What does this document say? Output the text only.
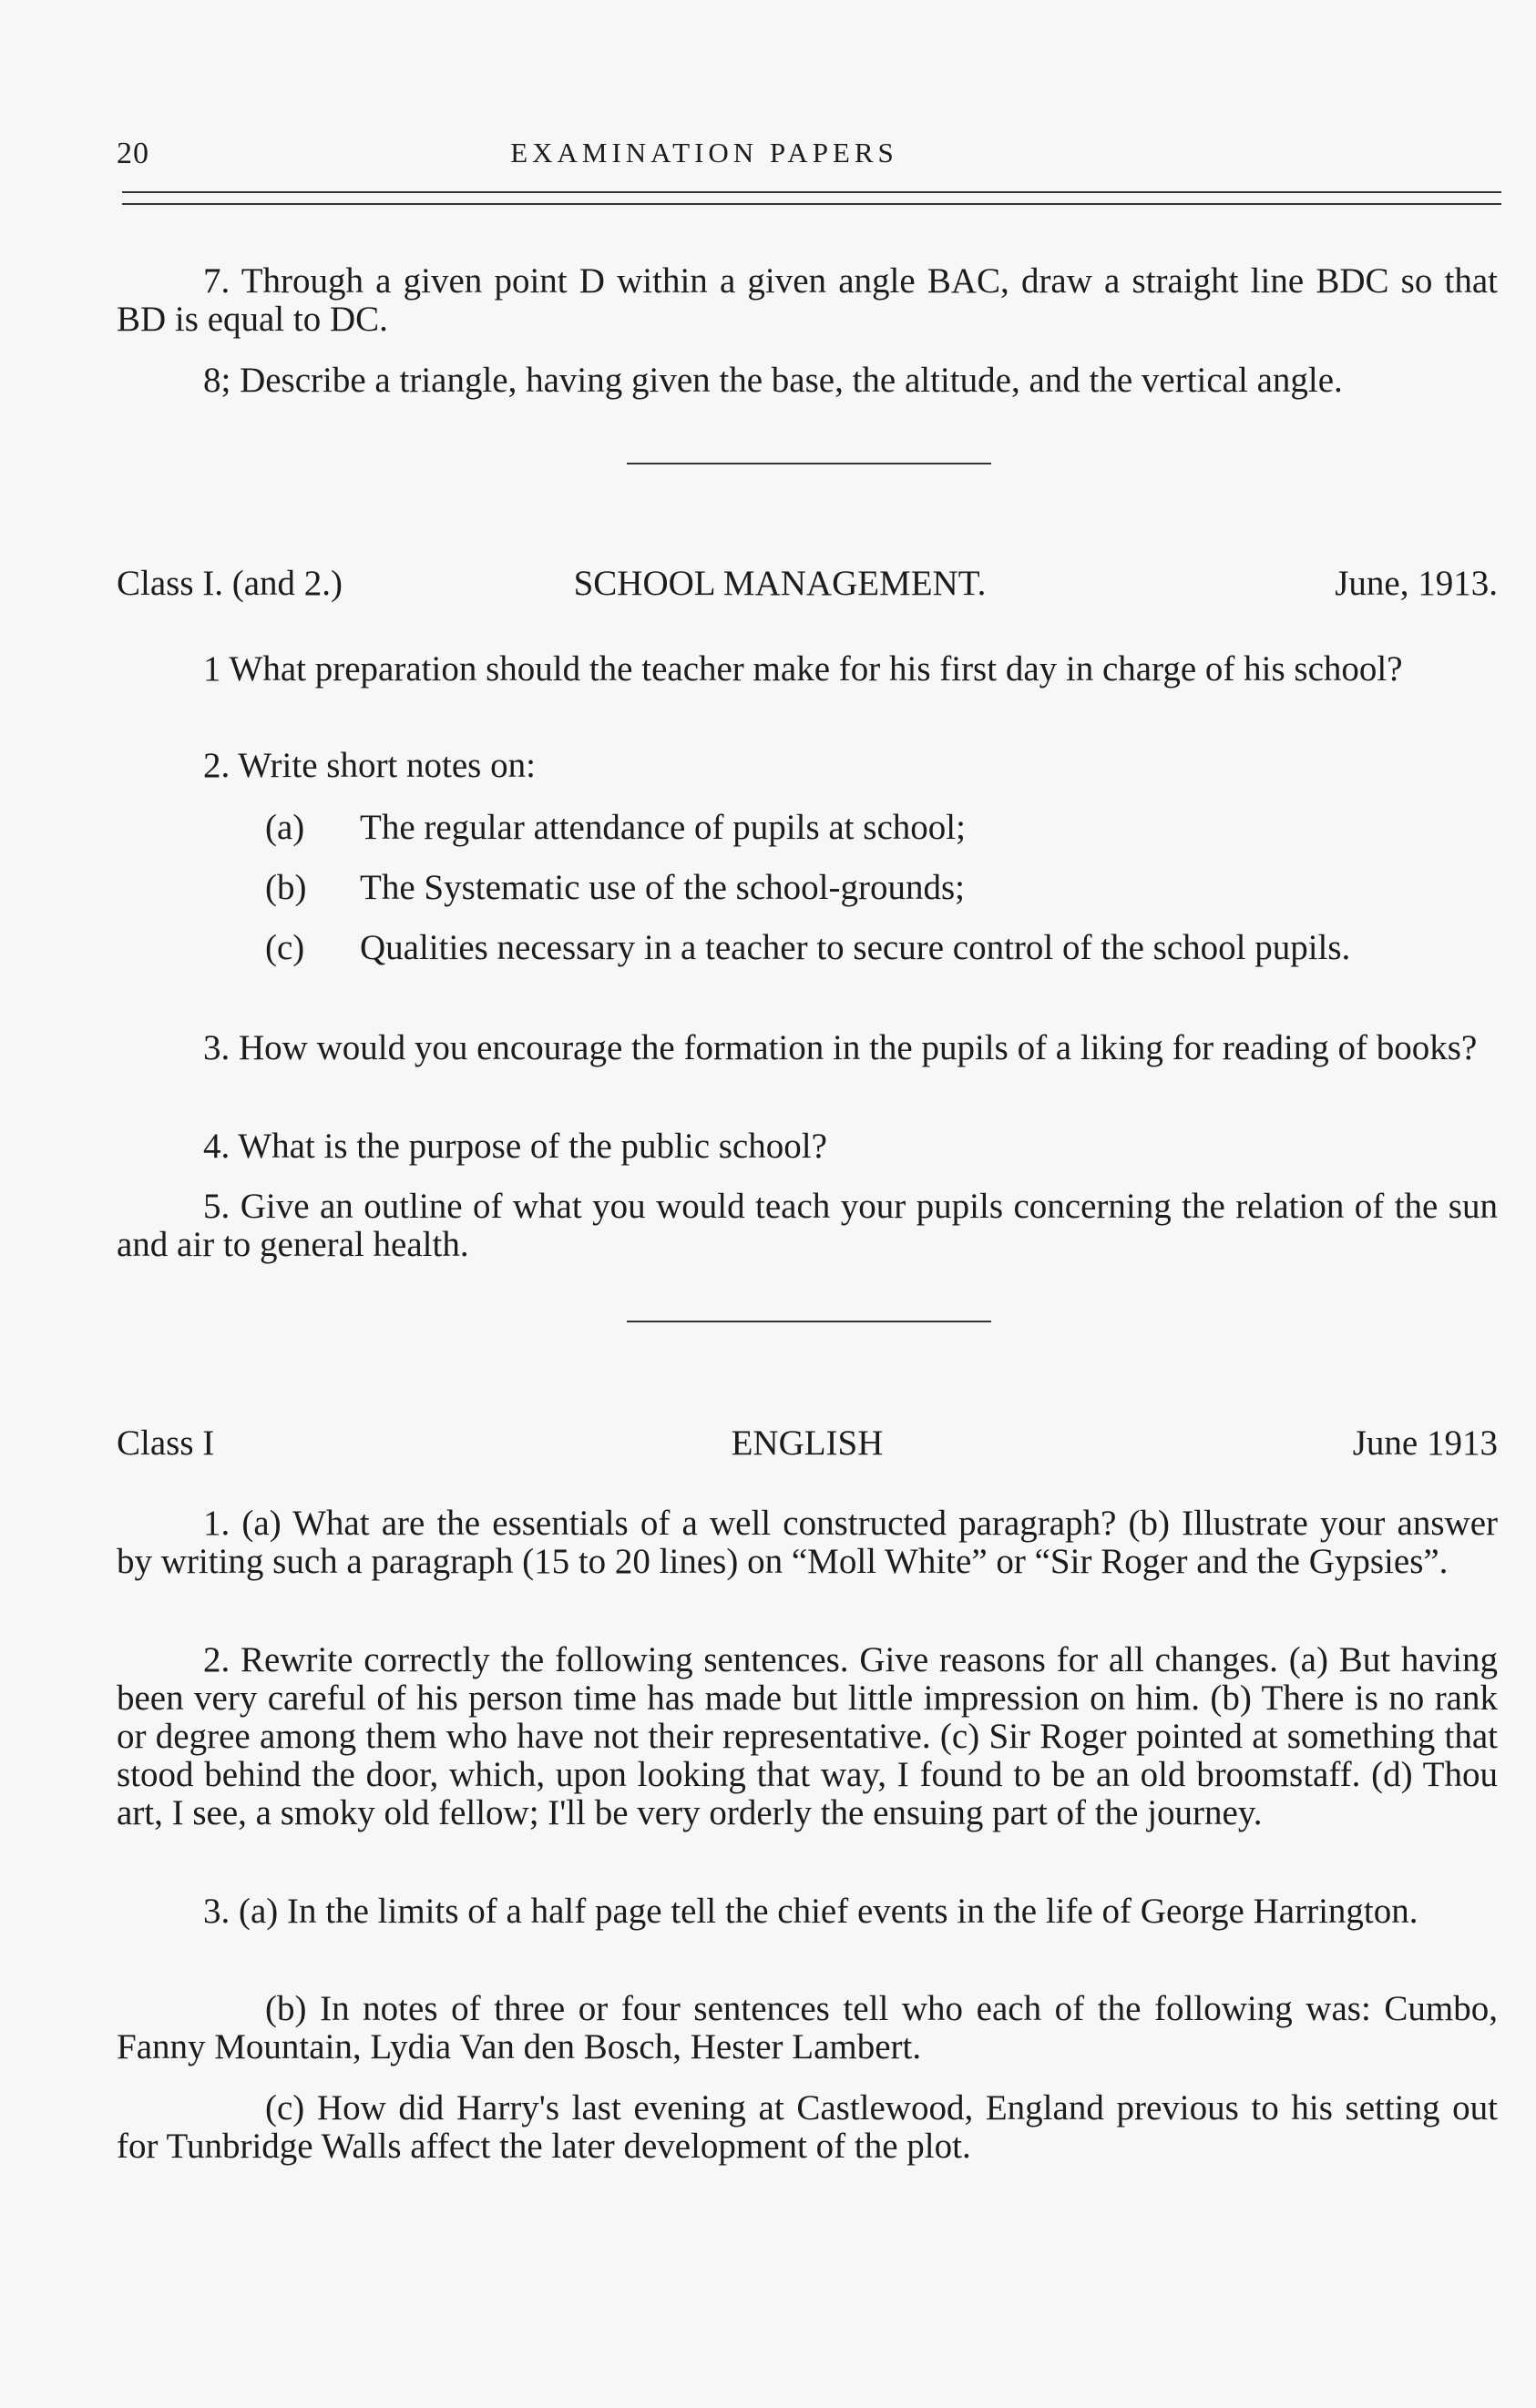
20	EXAMINATION PAPERS
7. Through a given point D within a given angle BAC, draw a straight line BDC so that BD is equal to DC.
8; Describe a triangle, having given the base, the altitude, and the vertical angle.
Class I. (and 2.)	SCHOOL MANAGEMENT.	June, 1913.
1 What preparation should the teacher make for his first day in charge of his school?
2. Write short notes on:
(a) The regular attendance of pupils at school;
(b) The Systematic use of the school-grounds;
(c) Qualities necessary in a teacher to secure control of the school pupils.
3. How would you encourage the formation in the pupils of a liking for reading of books?
4. What is the purpose of the public school?
5. Give an outline of what you would teach your pupils concerning the relation of the sun and air to general health.
Class I	ENGLISH	June 1913
1. (a) What are the essentials of a well constructed paragraph? (b) Illustrate your answer by writing such a paragraph (15 to 20 lines) on “Moll White” or “Sir Roger and the Gypsies”.
2. Rewrite correctly the following sentences. Give reasons for all changes. (a) But having been very careful of his person time has made but little impression on him. (b) There is no rank or degree among them who have not their representative. (c) Sir Roger pointed at something that stood behind the door, which, upon looking that way, I found to be an old broomstaff. (d) Thou art, I see, a smoky old fellow; I'll be very orderly the ensuing part of the journey.
3. (a) In the limits of a half page tell the chief events in the life of George Harrington.
(b) In notes of three or four sentences tell who each of the following was: Cumbo, Fanny Mountain, Lydia Van den Bosch, Hester Lambert.
(c) How did Harry's last evening at Castlewood, England previous to his setting out for Tunbridge Walls affect the later development of the plot.
